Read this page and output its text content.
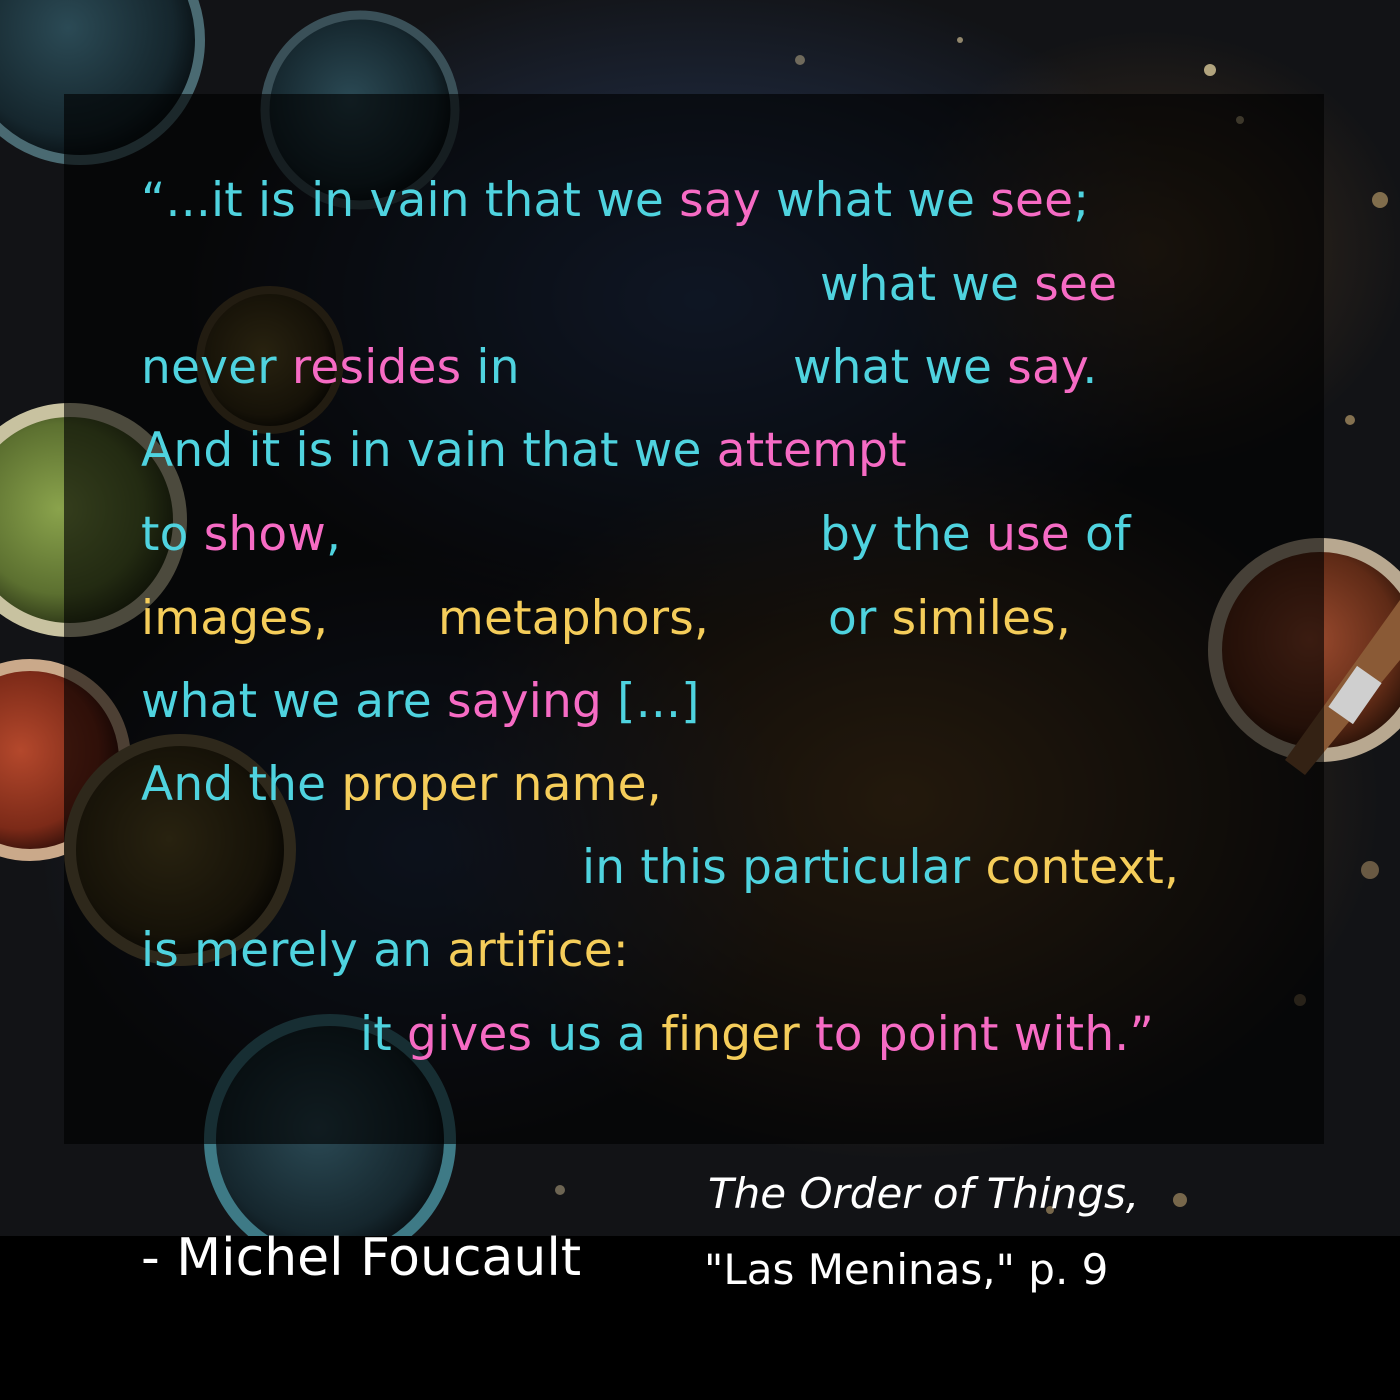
“...it is in vain that we say what we see;
what we see
never resides in	what we say.
And it is in vain that we attempt
to show,	by the use of
images, metaphors,	or similes,
what we are saying [...]
And the proper name,
in this particular context,
is merely an artifice:
it gives us a finger to point with.”
- Michel Foucault
The Order of Things,
"Las Meninas," p. 9
